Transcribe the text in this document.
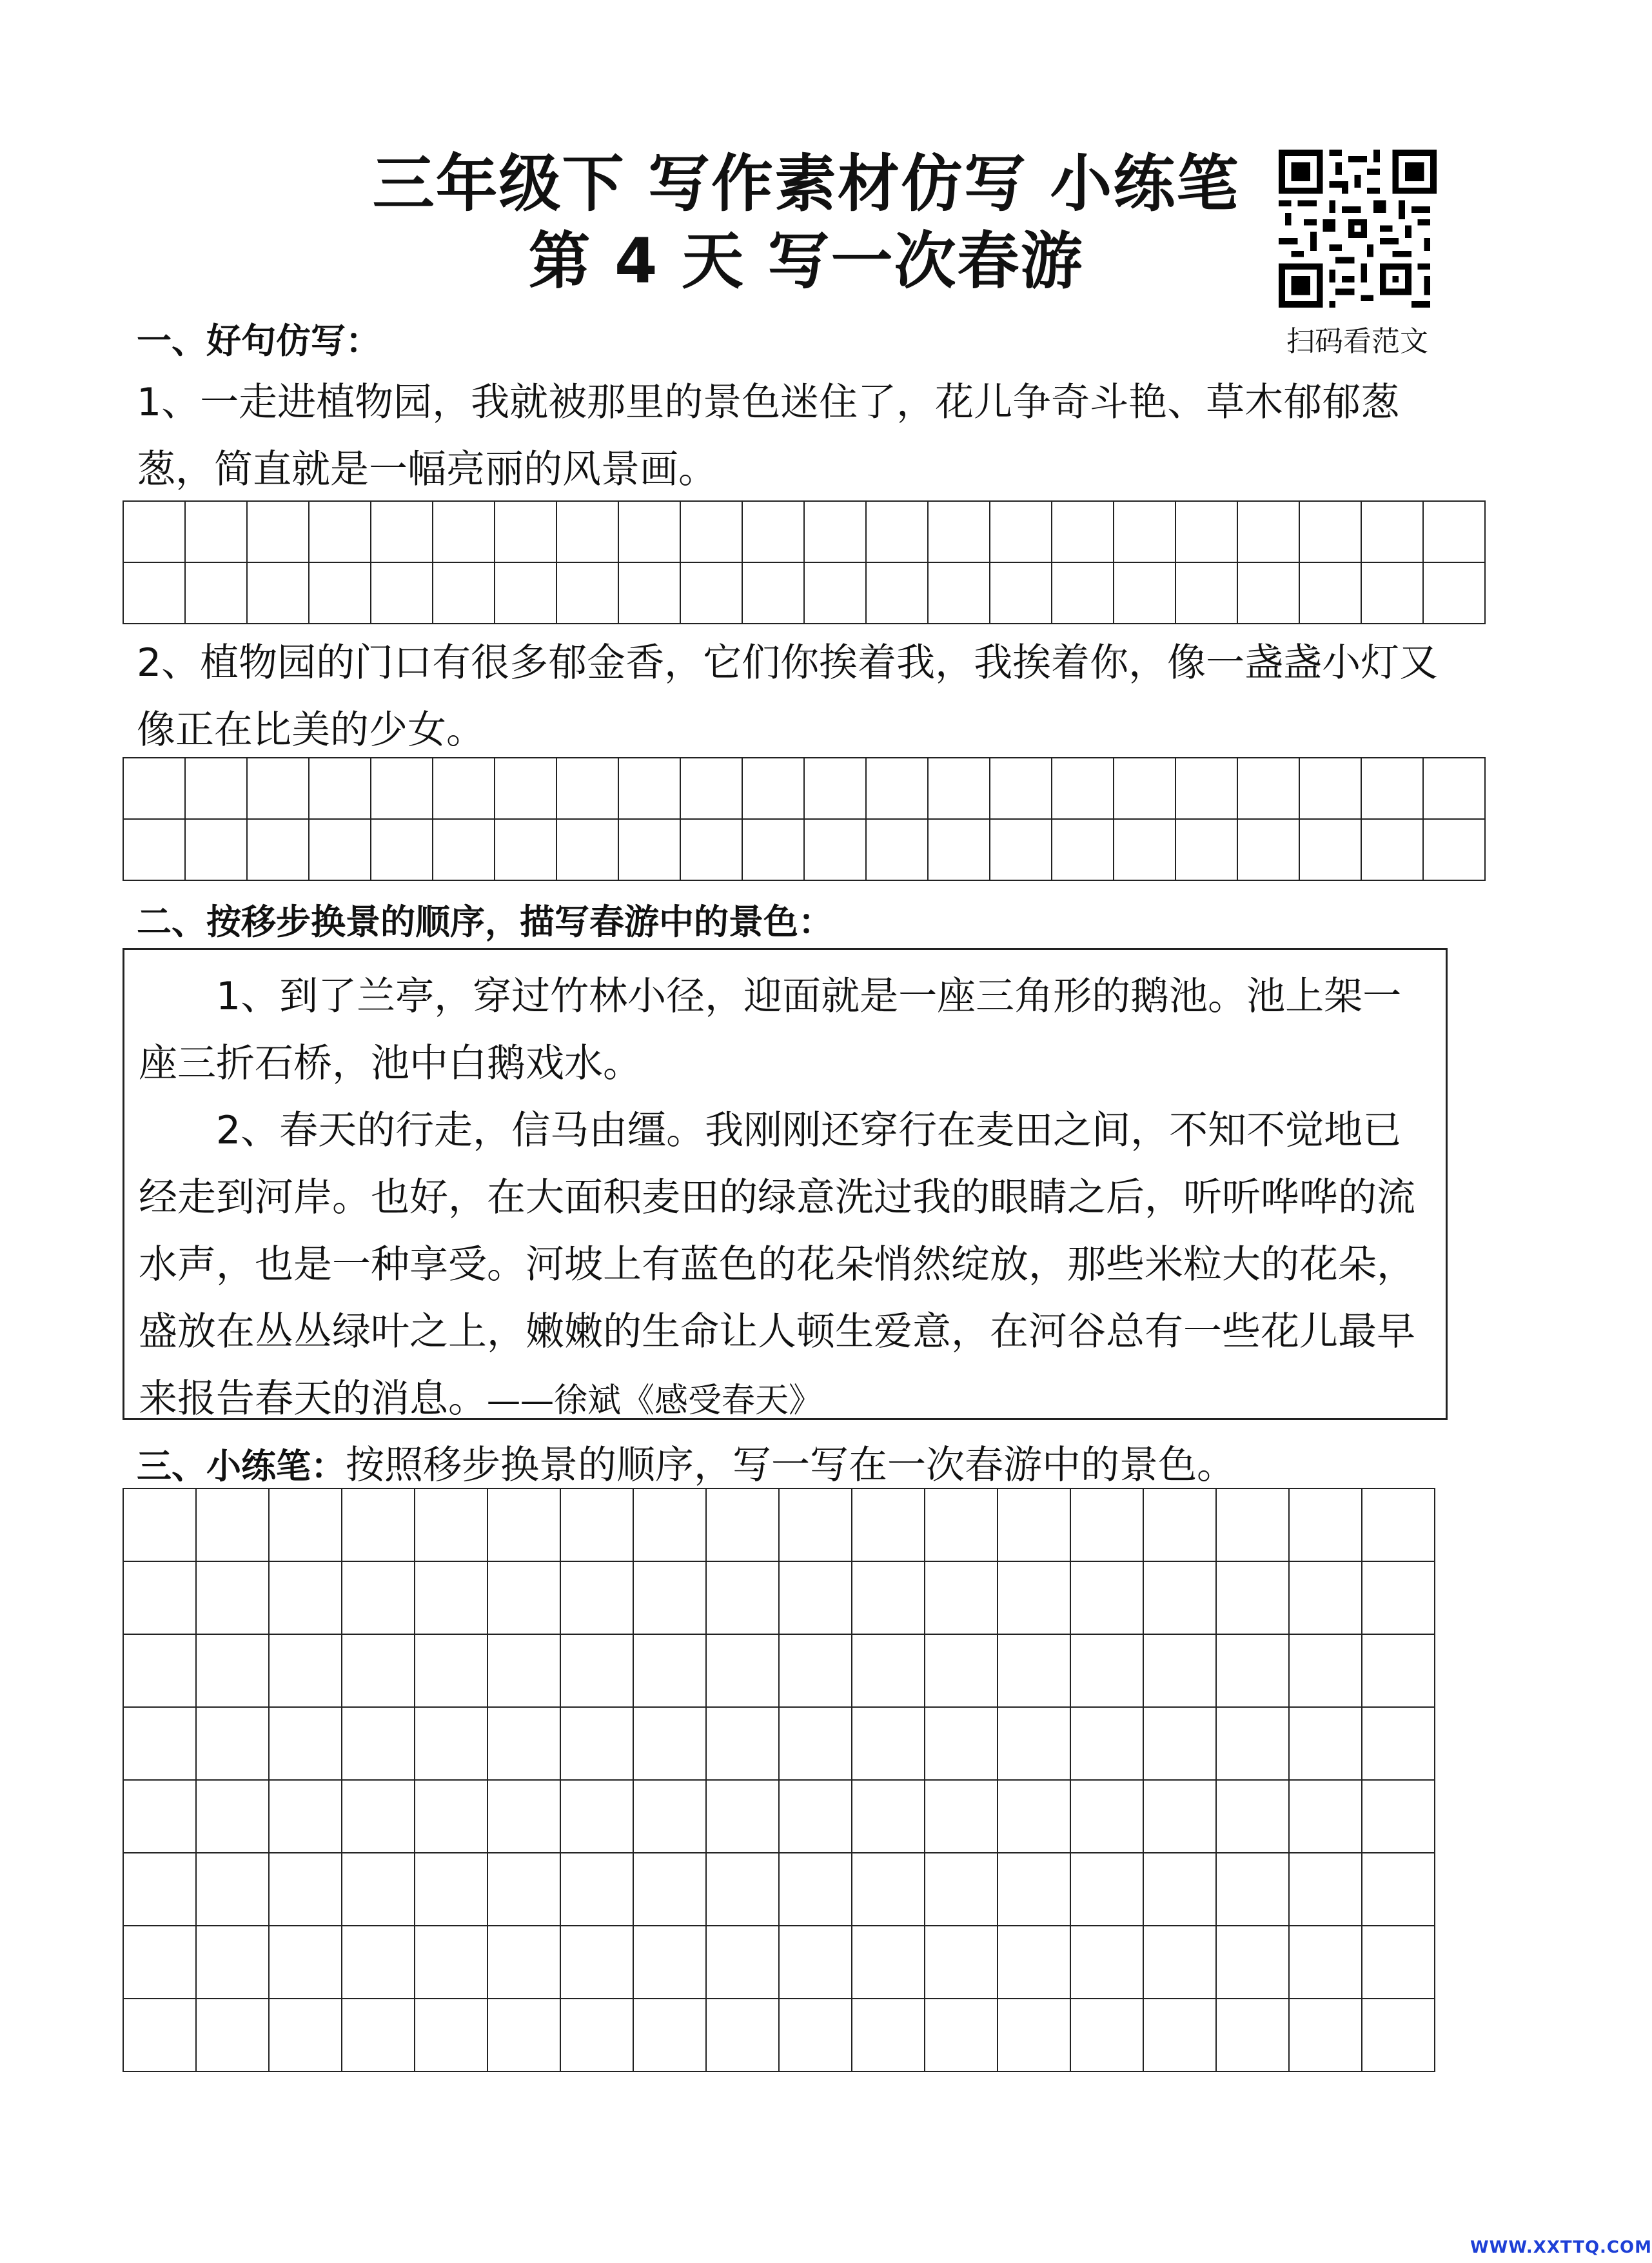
三年级下 写作素材仿写 小练笔
第 4 天 写一次春游
扫码看范文
一、好句仿写：
1、一走进植物园，我就被那里的景色迷住了，花儿争奇斗艳、草木郁郁葱葱，简直就是一幅亮丽的风景画。

2、植物园的门口有很多郁金香，它们你挨着我，我挨着你，像一盏盏小灯又像正在比美的少女。

二、按移步换景的顺序，描写春游中的景色：

1、到了兰亭，穿过竹林小径，迎面就是一座三角形的鹅池。池上架一座三折石桥，池中白鹅戏水。

2、春天的行走，信马由缰。我刚刚还穿行在麦田之间，不知不觉地已经走到河岸。也好，在大面积麦田的绿意洗过我的眼睛之后，听听哗哗的流水声，也是一种享受。河坡上有蓝色的花朵悄然绽放，那些米粒大的花朵，盛放在丛丛绿叶之上，嫩嫩的生命让人顿生爱意，在河谷总有一些花儿最早来报告春天的消息。——徐斌《感受春天》

三、小练笔：按照移步换景的顺序，写一写在一次春游中的景色。

WWW.XXTTQ.COM
